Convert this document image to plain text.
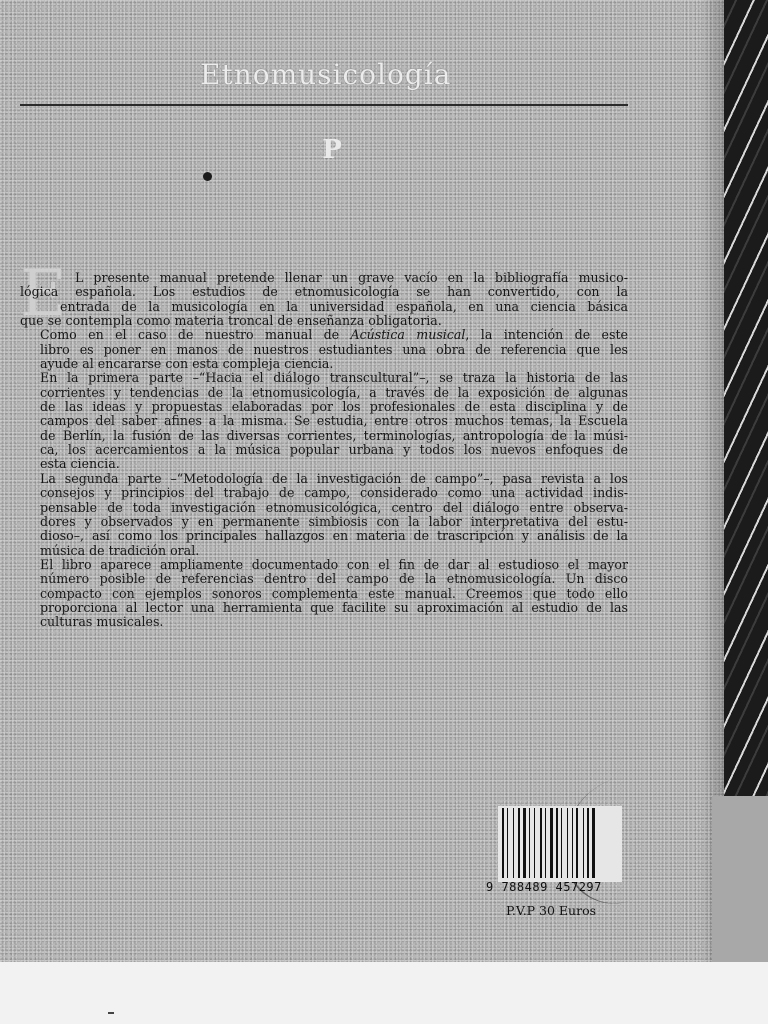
Etnomusicología
P
E L presente manual pretende llenar un grave vacío en la bibliografía musico-
lógica española. Los estudios de etnomusicología se han convertido, con la
entrada de la musicología en la universidad española, en una ciencia básica
que se contempla como materia troncal de enseñanza obligatoria.

Como en el caso de nuestro manual de Acústica musical, la intención de este
libro es poner en manos de nuestros estudiantes una obra de referencia que les
ayude al encararse con esta compleja ciencia.

En la primera parte –“Hacia el diálogo transcultural”–, se traza la historia de las
corrientes y tendencias de la etnomusicología, a través de la exposición de algunas
de las ideas y propuestas elaboradas por los profesionales de esta disciplina y de
campos del saber afines a la misma. Se estudia, entre otros muchos temas, la Escuela
de Berlín, la fusión de las diversas corrientes, terminologías, antropología de la músi-
ca, los acercamientos a la música popular urbana y todos los nuevos enfoques de
esta ciencia.

La segunda parte –“Metodología de la investigación de campo”–, pasa revista a los
consejos y principios del trabajo de campo, considerado como una actividad indis-
pensable de toda investigación etnomusicológica, centro del diálogo entre observa-
dores y observados y en permanente simbiosis con la labor interpretativa del estu-
dioso–, así como los principales hallazgos en materia de trascripción y análisis de la
música de tradición oral.

El libro aparece ampliamente documentado con el fin de dar al estudioso el mayor
número posible de referencias dentro del campo de la etnomusicología. Un disco
compacto con ejemplos sonoros complementa este manual. Creemos que todo ello
proporciona al lector una herramienta que facilite su aproximación al estudio de las
culturas musicales.

9 788489 457297
P.V.P 30 Euros
